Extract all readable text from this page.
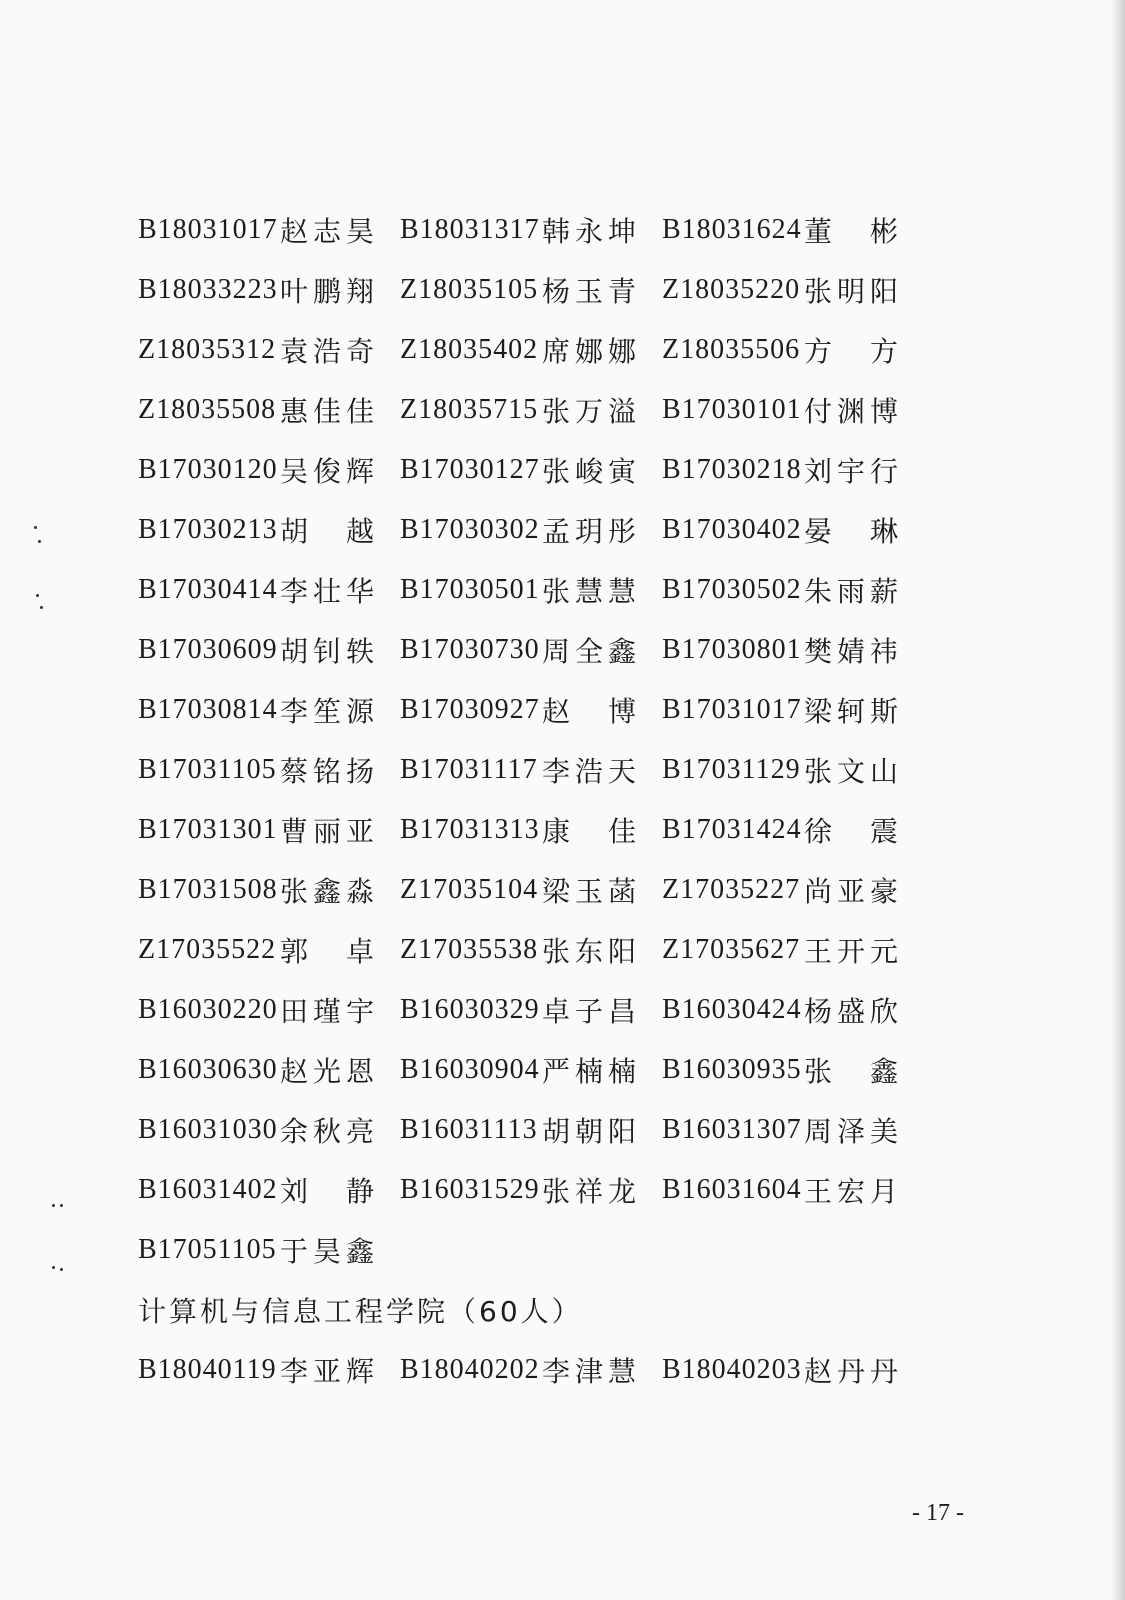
B18031017 赵志昊 B18031317 韩永坤 B18031624 董彬
B18033223 叶鹏翔 Z18035105 杨玉青 Z18035220 张明阳
Z18035312 袁浩奇 Z18035402 席娜娜 Z18035506 方方
Z18035508 惠佳佳 Z18035715 张万溢 B17030101 付渊博
B17030120 吴俊辉 B17030127 张峻寅 B17030218 刘宇行
B17030213 胡越 B17030302 孟玥彤 B17030402 晏琳
B17030414 李壮华 B17030501 张慧慧 B17030502 朱雨薪
B17030609 胡钊轶 B17030730 周全鑫 B17030801 樊婧祎
B17030814 李笙源 B17030927 赵博 B17031017 梁轲斯
B17031105 蔡铭扬 B17031117 李浩天 B17031129 张文山
B17031301 曹丽亚 B17031313 康佳 B17031424 徐震
B17031508 张鑫淼 Z17035104 梁玉菡 Z17035227 尚亚豪
Z17035522 郭卓 Z17035538 张东阳 Z17035627 王开元
B16030220 田瑾宇 B16030329 卓子昌 B16030424 杨盛欣
B16030630 赵光恩 B16030904 严楠楠 B16030935 张鑫
B16031030 余秋亮 B16031113 胡朝阳 B16031307 周泽美
B16031402 刘静 B16031529 张祥龙 B16031604 王宏月
B17051105 于昊鑫
计算机与信息工程学院（60人）
B18040119 李亚辉 B18040202 李津慧 B18040203 赵丹丹
- 17 -
